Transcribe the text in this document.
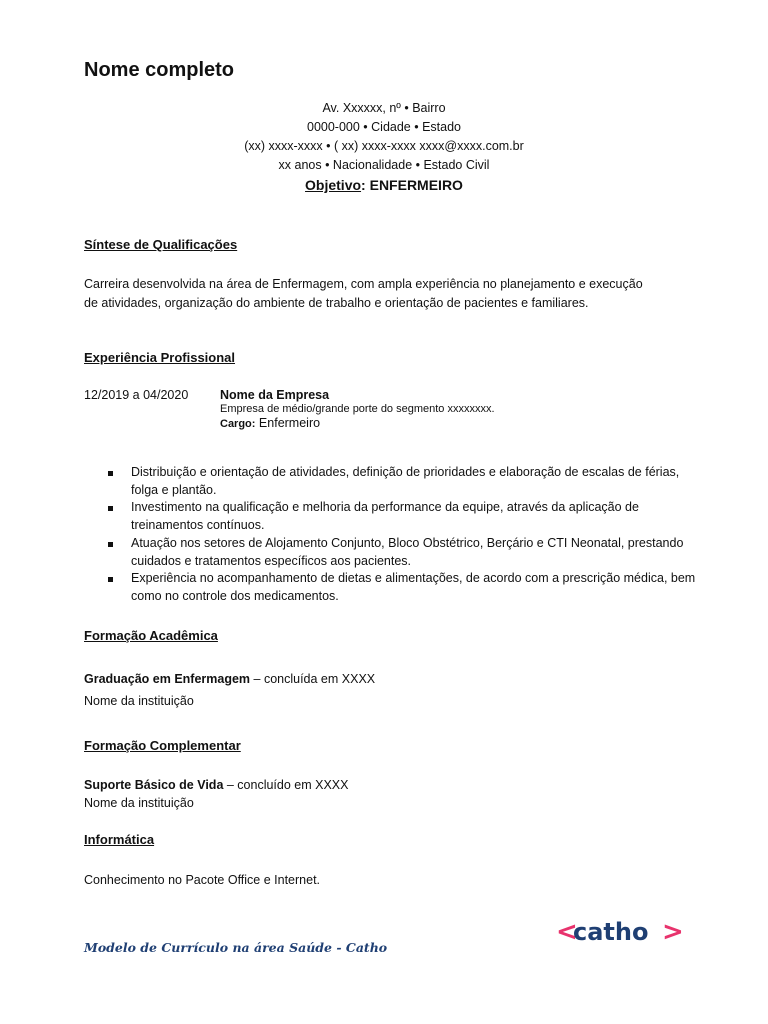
Nome completo
Av. Xxxxxx, nº • Bairro
0000-000 • Cidade • Estado
(xx) xxxx-xxxx • ( xx) xxxx-xxxx xxxx@xxxx.com.br
xx anos • Nacionalidade • Estado Civil
Objetivo: ENFERMEIRO
Síntese de Qualificações
Carreira desenvolvida na área de Enfermagem, com ampla experiência no planejamento e execução de atividades, organização do ambiente de trabalho e orientação de pacientes e familiares.
Experiência Profissional
12/2019 a 04/2020	Nome da Empresa
Empresa de médio/grande porte do segmento xxxxxxxx.
Cargo: Enfermeiro
Distribuição e orientação de atividades, definição de prioridades e elaboração de escalas de férias, folga e plantão.
Investimento na qualificação e melhoria da performance da equipe, através da aplicação de treinamentos contínuos.
Atuação nos setores de Alojamento Conjunto, Bloco Obstétrico, Berçário e CTI Neonatal, prestando cuidados e tratamentos específicos aos pacientes.
Experiência no acompanhamento de dietas e alimentações, de acordo com a prescrição médica, bem como no controle dos medicamentos.
Formação Acadêmica
Graduação em Enfermagem – concluída em XXXX
Nome da instituição
Formação Complementar
Suporte Básico de Vida – concluído em XXXX
Nome da instituição
Informática
Conhecimento no Pacote Office e Internet.
Modelo de Currículo na área Saúde - Catho
<
catho >
